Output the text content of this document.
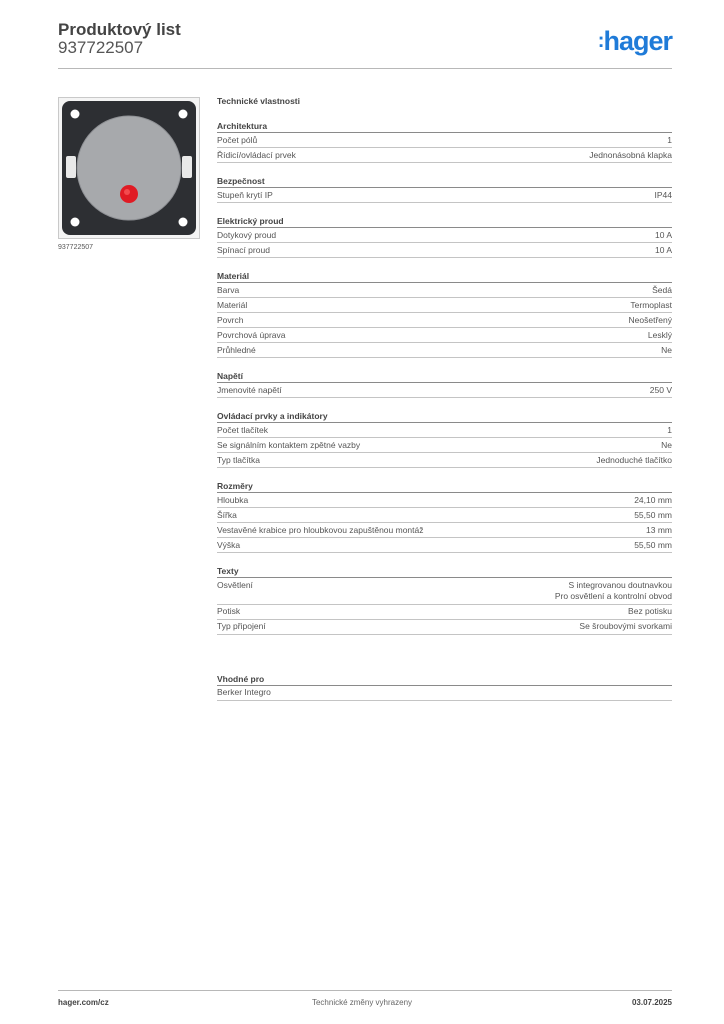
Produktový list
937722507	:hager
937722507
Technické vlastnosti
Architektura
Počet pólů	1
Řídicí/ovládací prvek	Jednonásobná klapka
Bezpečnost
Stupeň krytí IP	IP44
Elektrický proud
Dotykový proud	10 A
Spínací proud	10 A
Materiál
Barva	Šedá
Materiál	Termoplast
Povrch	Neošetřený
Povrchová úprava	Lesklý
Průhledné	Ne
Napětí
Jmenovité napětí	250 V
Ovládací prvky a indikátory
Počet tlačítek	1
Se signálním kontaktem zpětné vazby	Ne
Typ tlačítka	Jednoduché tlačítko
Rozměry
Hloubka	24,10 mm
Šířka	55,50 mm
Vestavěné krabice pro hloubkovou zapuštěnou montáž	13 mm
Výška	55,50 mm
Texty
Osvětlení	S integrovanou doutnavkou
Pro osvětlení a kontrolní obvod
Potisk	Bez potisku
Typ připojení	Se šroubovými svorkami
Vhodné pro
Berker Integro
hager.com/cz	Technické změny vyhrazeny	03.07.2025
